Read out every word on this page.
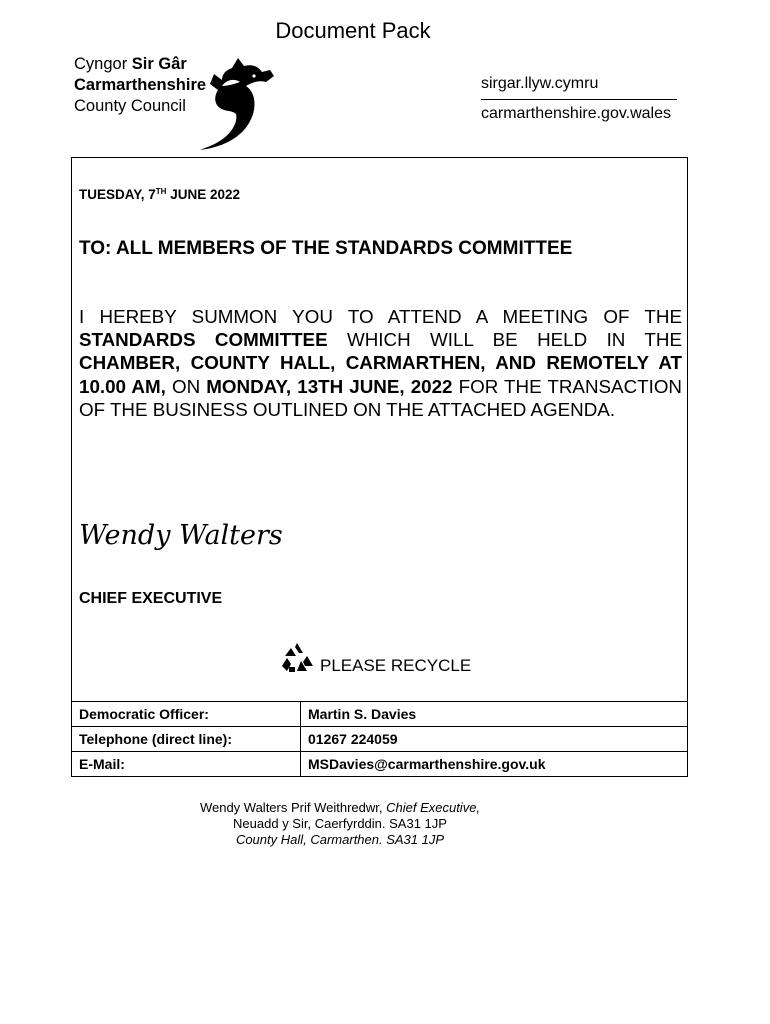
Document Pack
Cyngor Sir Gâr
Carmarthenshire
County Council
sirgar.llyw.cymru
carmarthenshire.gov.wales
TUESDAY, 7TH JUNE 2022
TO: ALL MEMBERS OF THE STANDARDS COMMITTEE
I HEREBY SUMMON YOU TO ATTEND A MEETING OF THE STANDARDS COMMITTEE WHICH WILL BE HELD IN THE CHAMBER, COUNTY HALL, CARMARTHEN, AND REMOTELY AT 10.00 AM, ON MONDAY, 13TH JUNE, 2022 FOR THE TRANSACTION OF THE BUSINESS OUTLINED ON THE ATTACHED AGENDA.
Wendy Walters
CHIEF EXECUTIVE
PLEASE RECYCLE
Democratic Officer:	Martin S. Davies
Telephone (direct line):	01267 224059
E-Mail:	MSDavies@carmarthenshire.gov.uk
Wendy Walters Prif Weithredwr, Chief Executive,
Neuadd y Sir, Caerfyrddin. SA31 1JP
County Hall, Carmarthen. SA31 1JP
